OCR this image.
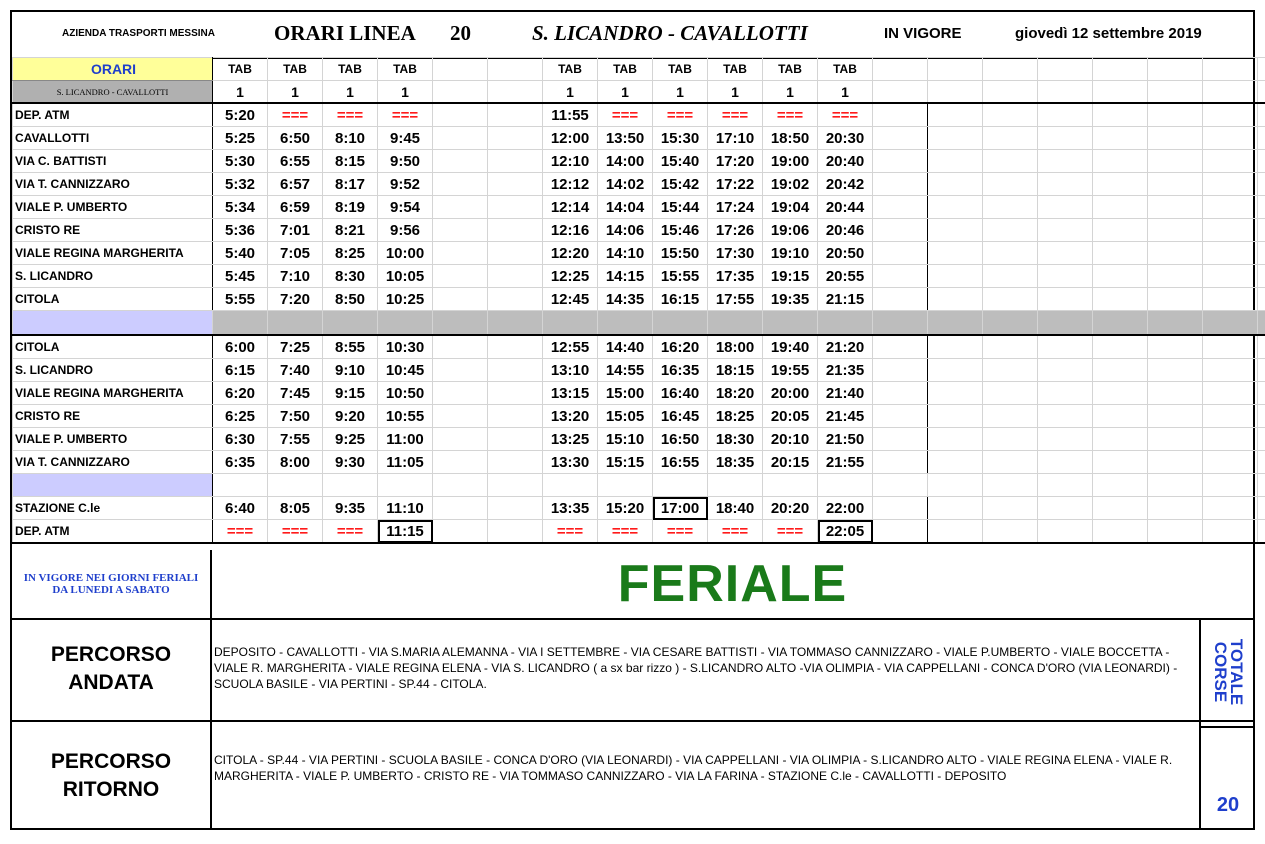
AZIENDA TRASPORTI MESSINA	ORARI LINEA 20	S. LICANDRO - CAVALLOTTI	IN VIGORE	giovedì 12 settembre 2019
ORARI	TAB	TAB	TAB	TAB			TAB	TAB	TAB	TAB	TAB	TAB									
S. LICANDRO - CAVALLOTTI	1	1	1	1			1	1	1	1	1	1									
DEP. ATM	5:20	===	===	===			11:55	===	===	===	===	===									
CAVALLOTTI	5:25	6:50	8:10	9:45			12:00	13:50	15:30	17:10	18:50	20:30									
VIA C. BATTISTI	5:30	6:55	8:15	9:50			12:10	14:00	15:40	17:20	19:00	20:40									
VIA T. CANNIZZARO	5:32	6:57	8:17	9:52			12:12	14:02	15:42	17:22	19:02	20:42									
VIALE P. UMBERTO	5:34	6:59	8:19	9:54			12:14	14:04	15:44	17:24	19:04	20:44									
CRISTO RE	5:36	7:01	8:21	9:56			12:16	14:06	15:46	17:26	19:06	20:46									
VIALE REGINA MARGHERITA	5:40	7:05	8:25	10:00			12:20	14:10	15:50	17:30	19:10	20:50									
S. LICANDRO	5:45	7:10	8:30	10:05			12:25	14:15	15:55	17:35	19:15	20:55									
CITOLA	5:55	7:20	8:50	10:25			12:45	14:35	16:15	17:55	19:35	21:15									

CITOLA	6:00	7:25	8:55	10:30			12:55	14:40	16:20	18:00	19:40	21:20									
S. LICANDRO	6:15	7:40	9:10	10:45			13:10	14:55	16:35	18:15	19:55	21:35									
VIALE REGINA MARGHERITA	6:20	7:45	9:15	10:50			13:15	15:00	16:40	18:20	20:00	21:40									
CRISTO RE	6:25	7:50	9:20	10:55			13:20	15:05	16:45	18:25	20:05	21:45									
VIALE P. UMBERTO	6:30	7:55	9:25	11:00			13:25	15:10	16:50	18:30	20:10	21:50									
VIA T. CANNIZZARO	6:35	8:00	9:30	11:05			13:30	15:15	16:55	18:35	20:15	21:55									

STAZIONE C.le	6:40	8:05	9:35	11:10			13:35	15:20	17:00	18:40	20:20	22:00									
DEP. ATM	===	===	===	11:15			===	===	===	===	===	22:05									
IN VIGORE NEI GIORNI FERIALI
DA LUNEDI A SABATO	FERIALE
PERCORSO
ANDATA
DEPOSITO - CAVALLOTTI - VIA S.MARIA ALEMANNA - VIA I SETTEMBRE - VIA CESARE BATTISTI - VIA TOMMASO CANNIZZARO - VIALE P.UMBERTO - VIALE BOCCETTA - VIALE R. MARGHERITA - VIALE REGINA ELENA - VIA S. LICANDRO ( a sx bar rizzo ) - S.LICANDRO ALTO -VIA OLIMPIA - VIA CAPPELLANI - CONCA D'ORO (VIA LEONARDI) - SCUOLA BASILE - VIA PERTINI - SP.44 - CITOLA.
PERCORSO
RITORNO
CITOLA - SP.44 - VIA PERTINI - SCUOLA BASILE - CONCA D'ORO (VIA LEONARDI) - VIA CAPPELLANI - VIA OLIMPIA - S.LICANDRO ALTO - VIALE REGINA ELENA - VIALE R. MARGHERITA - VIALE P. UMBERTO - CRISTO RE - VIA TOMMASO CANNIZZARO - VIA LA FARINA - STAZIONE C.le - CAVALLOTTI - DEPOSITO
TOTALE
CORSE
20
